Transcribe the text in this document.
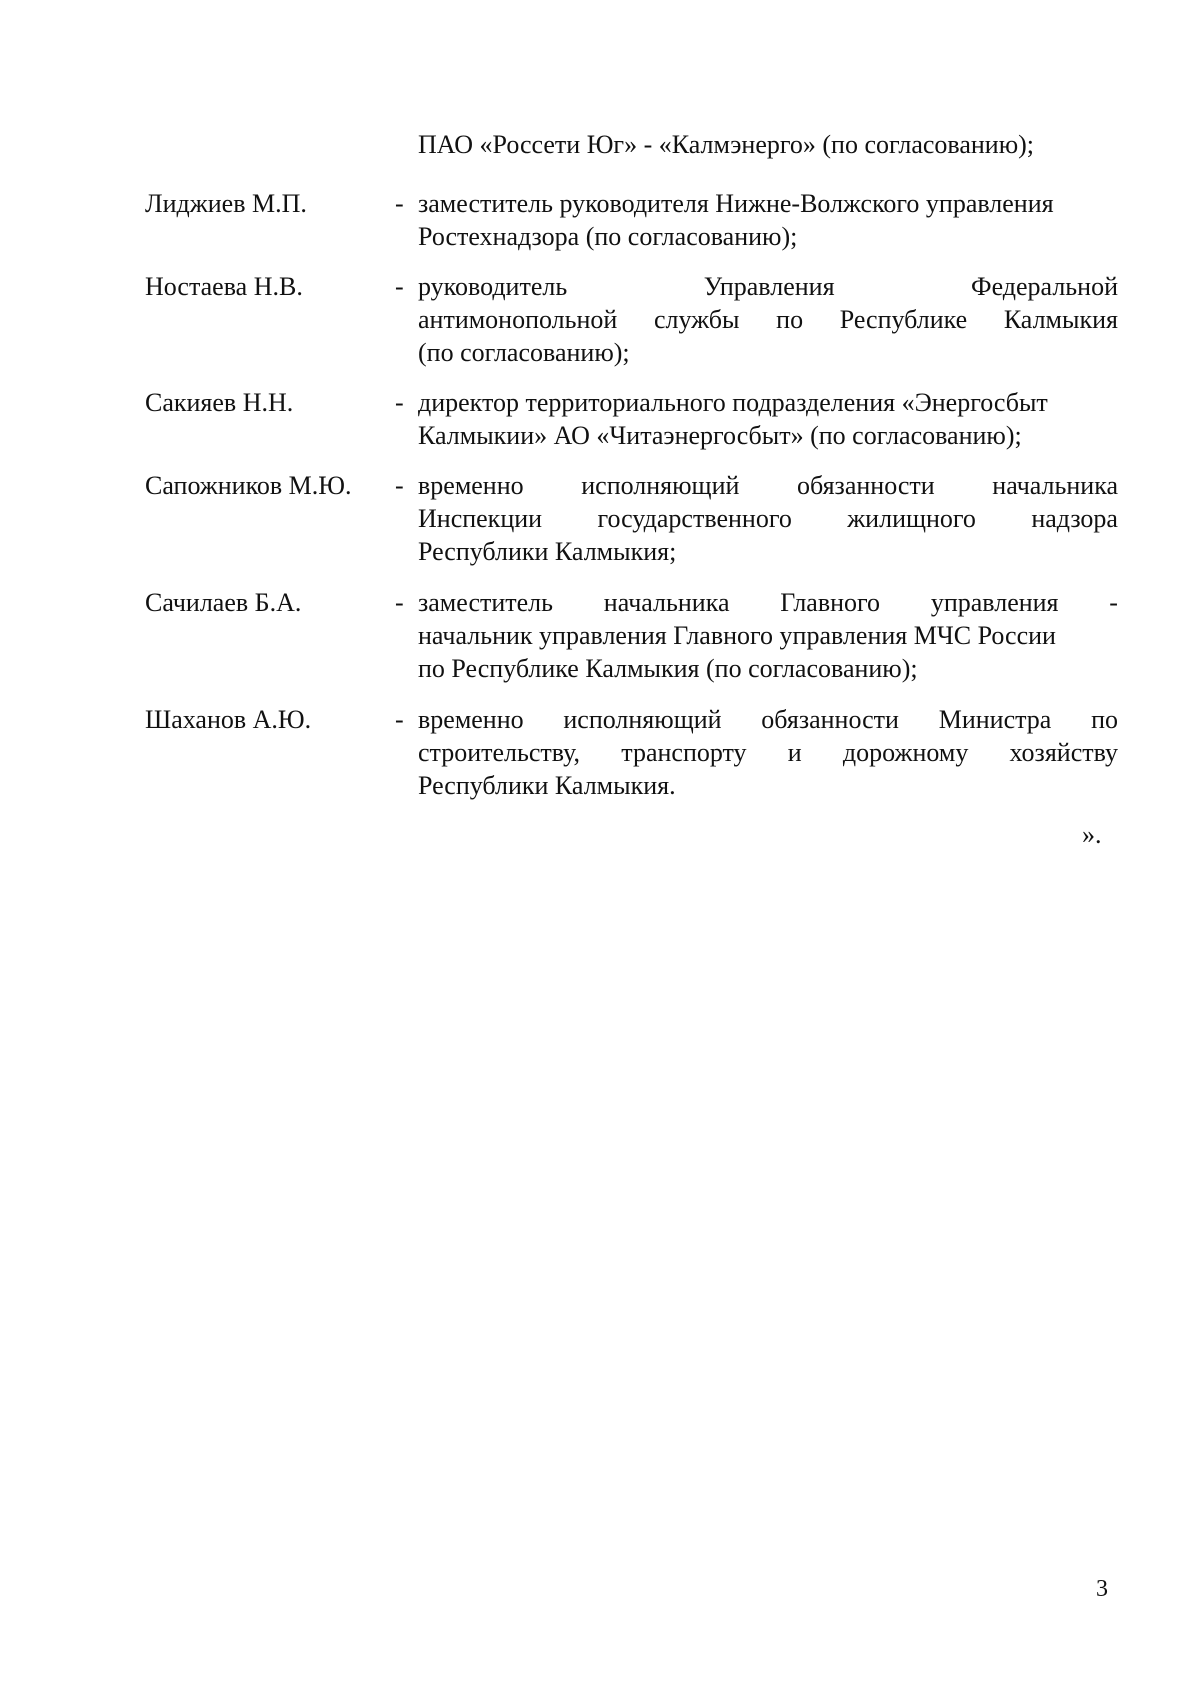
ПАО «Россети Юг» - «Калмэнерго» (по согласованию);
Лиджиев М.П.	- заместитель руководителя Нижне-Волжского управления
Ростехнадзора (по согласованию);
Ностаева Н.В.	- руководитель	Управления	Федеральной
антимонопольной службы по Республике Калмыкия
(по согласованию);
Сакияев Н.Н.	- директор территориального подразделения «Энергосбыт
Калмыкии» АО «Читаэнергосбыт» (по согласованию);
Сапожников М.Ю. - временно исполняющий обязанности начальника
Инспекции государственного жилищного надзора
Республики Калмыкия;
Сачилаев Б.А.	- заместитель начальника Главного управления -
начальник управления Главного управления МЧС России
по Республике Калмыкия (по согласованию);
Шаханов А.Ю.	- временно исполняющий обязанности Министра по
строительству, транспорту и дорожному хозяйству
Республики Калмыкия.
».
3
